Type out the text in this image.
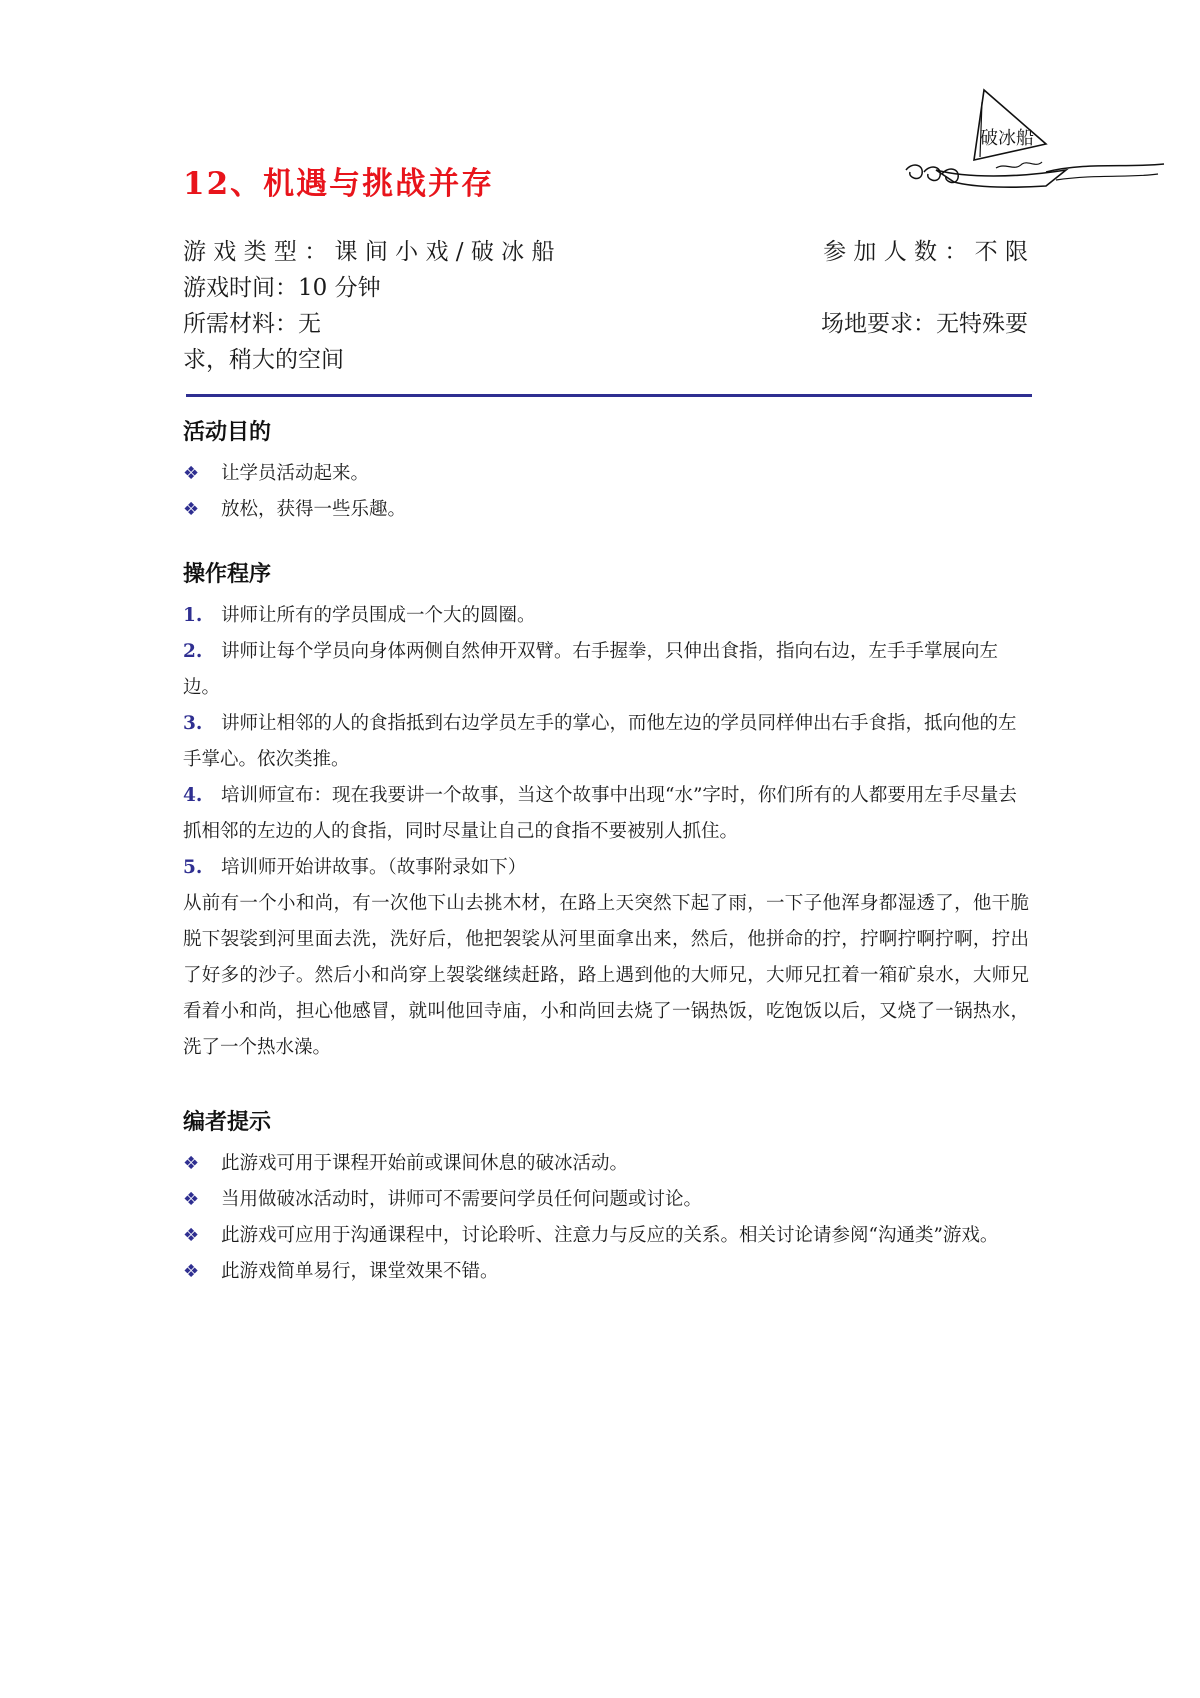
破冰船
12、机遇与挑战并存
游 戏 类 型 ： 课 间 小 戏 / 破 冰 船	参 加 人 数 ： 不 限
游戏时间：10 分钟
所需材料：无	场地要求：无特殊要
求，稍大的空间
活动目的
❖ 让学员活动起来。
❖ 放松，获得一些乐趣。
操作程序
1. 讲师让所有的学员围成一个大的圆圈。
2. 讲师让每个学员向身体两侧自然伸开双臂。右手握拳，只伸出食指，指向右边，左手手掌展向左边。
3. 讲师让相邻的人的食指抵到右边学员左手的掌心，而他左边的学员同样伸出右手食指，抵向他的左手掌心。依次类推。
4. 培训师宣布：现在我要讲一个故事，当这个故事中出现“水”字时，你们所有的人都要用左手尽量去抓相邻的左边的人的食指，同时尽量让自己的食指不要被别人抓住。
5. 培训师开始讲故事。（故事附录如下）
从前有一个小和尚，有一次他下山去挑木材，在路上天突然下起了雨，一下子他浑身都湿透了，他干脆脱下袈裟到河里面去洗，洗好后，他把袈裟从河里面拿出来，然后，他拼命的拧，拧啊拧啊拧啊，拧出了好多的沙子。然后小和尚穿上袈裟继续赶路，路上遇到他的大师兄，大师兄扛着一箱矿泉水，大师兄看着小和尚，担心他感冒，就叫他回寺庙，小和尚回去烧了一锅热饭，吃饱饭以后，又烧了一锅热水，洗了一个热水澡。
编者提示
❖ 此游戏可用于课程开始前或课间休息的破冰活动。
❖ 当用做破冰活动时，讲师可不需要问学员任何问题或讨论。
❖ 此游戏可应用于沟通课程中，讨论聆听、注意力与反应的关系。相关讨论请参阅“沟通类”游戏。
❖ 此游戏简单易行，课堂效果不错。
